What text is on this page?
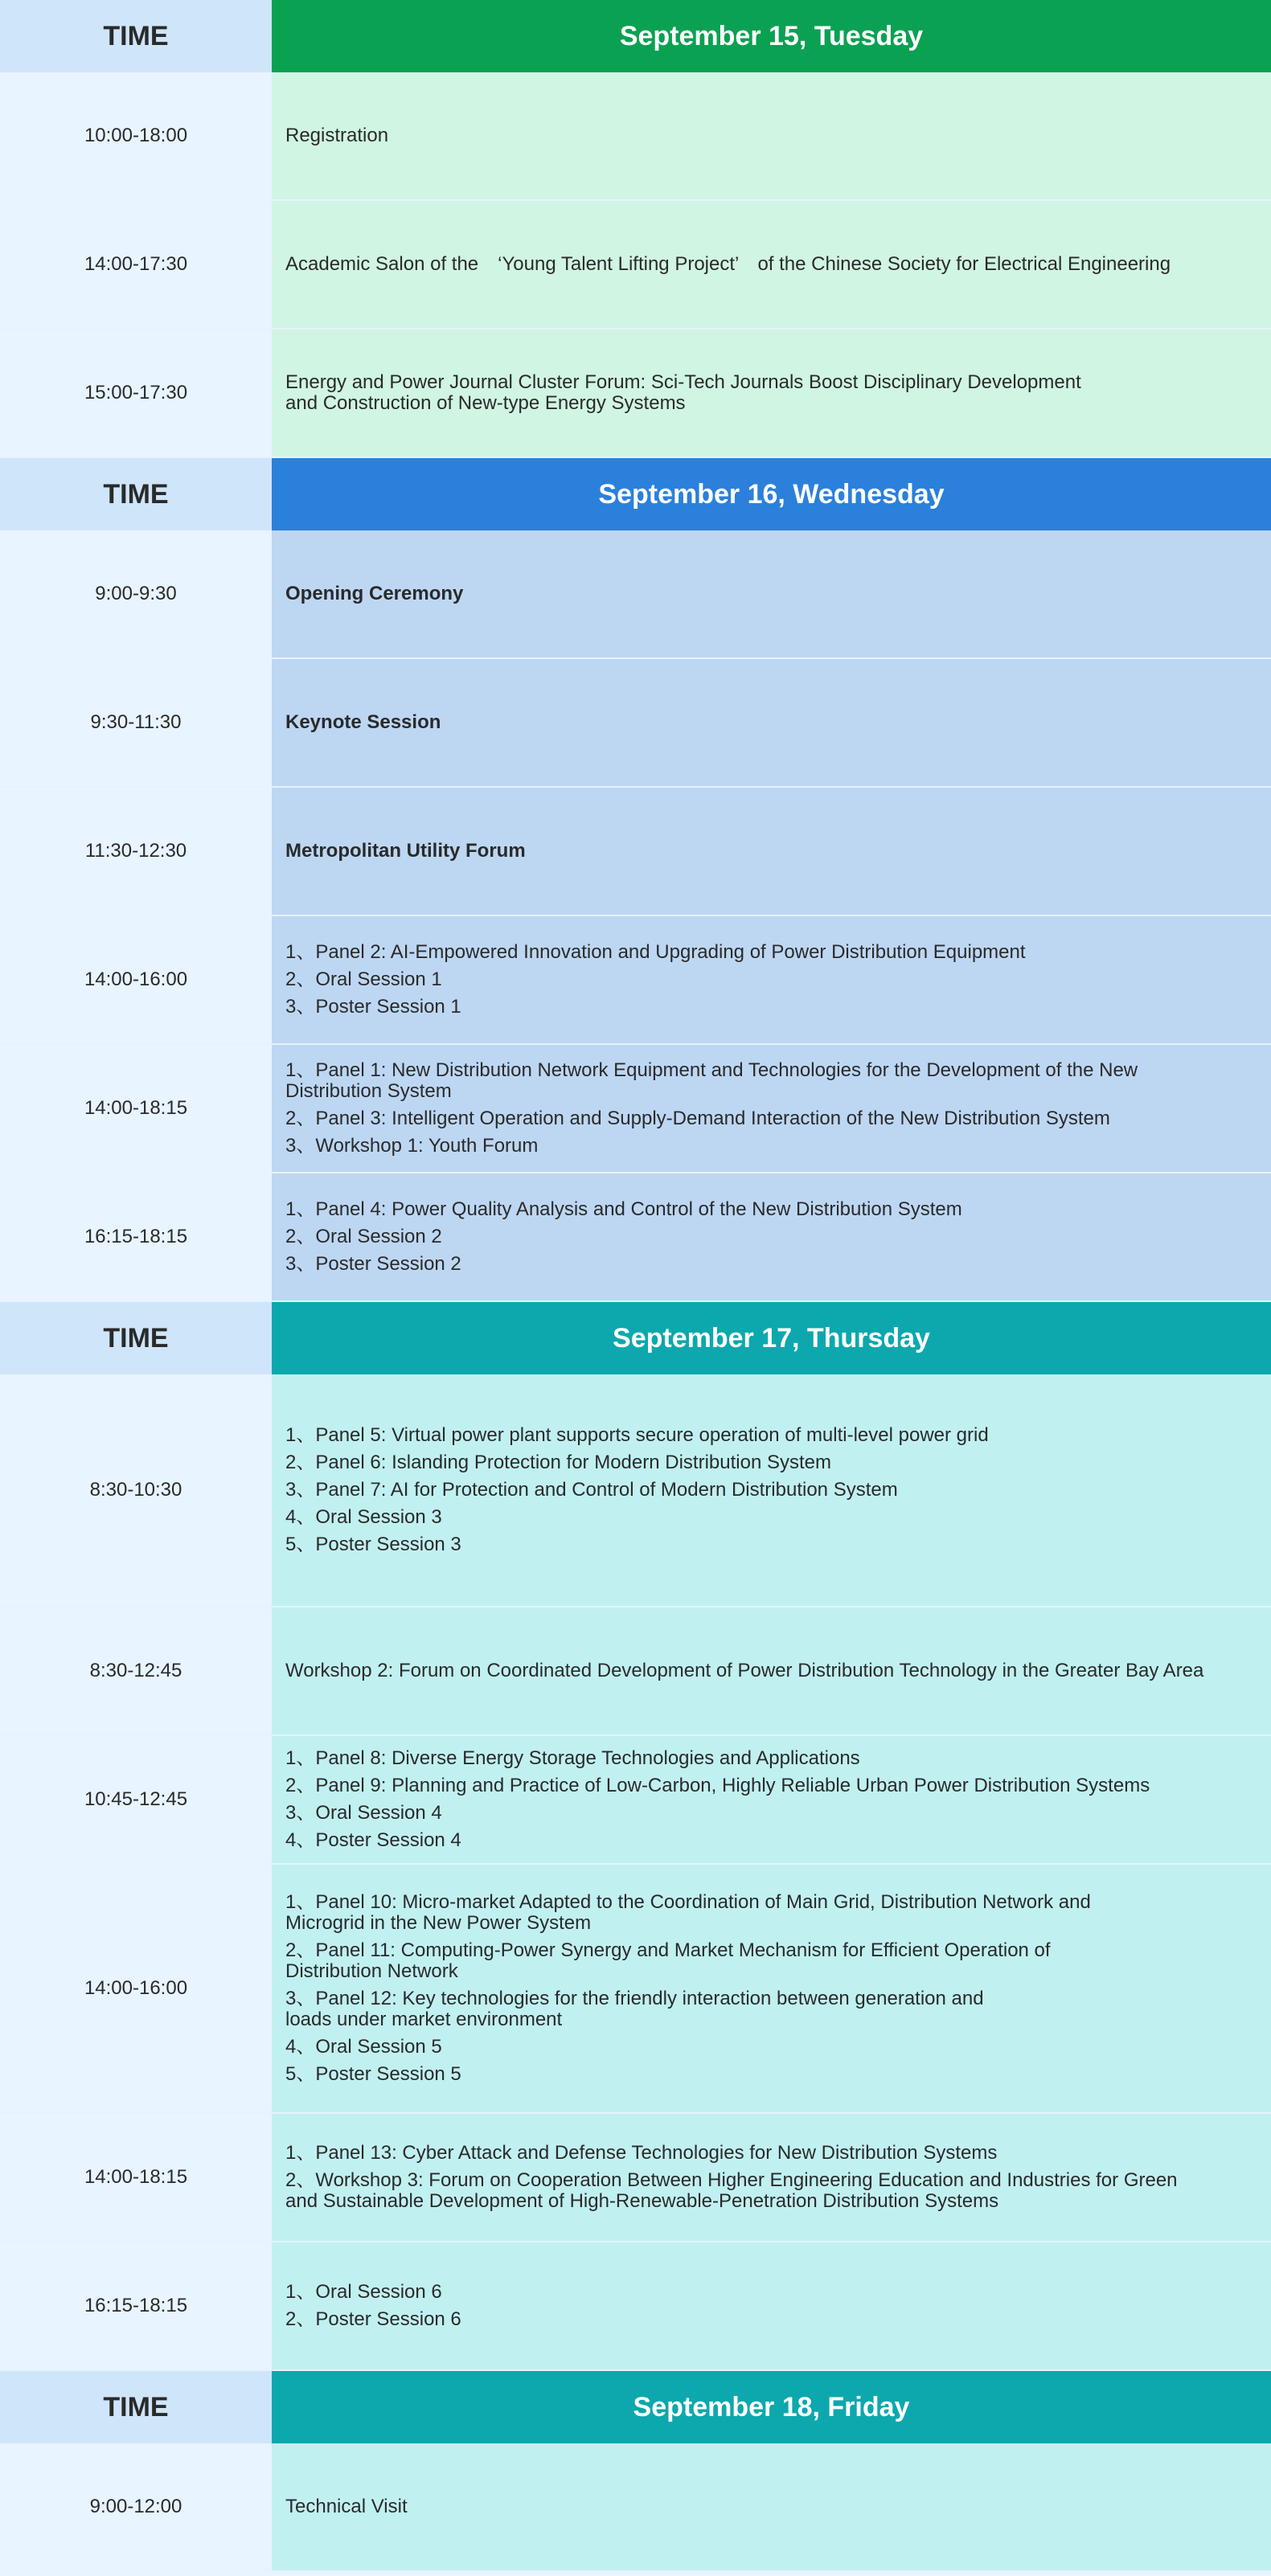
TIME	September 15, Tuesday
10:00-18:00	Registration
14:00-17:30	Academic Salon of the　‘Young Talent Lifting Project’　of the Chinese Society for Electrical Engineering
15:00-17:30	Energy and Power Journal Cluster Forum: Sci-Tech Journals Boost Disciplinary Development
and Construction of New-type Energy Systems
TIME	September 16, Wednesday
9:00-9:30	Opening Ceremony
9:30-11:30	Keynote Session
11:30-12:30	Metropolitan Utility Forum
14:00-16:00
1、Panel 2: AI-Empowered Innovation and Upgrading of Power Distribution Equipment
2、Oral Session 1
3、Poster Session 1
14:00-18:15
1、Panel 1: New Distribution Network Equipment and Technologies for the Development of the New
Distribution System
2、Panel 3: Intelligent Operation and Supply-Demand Interaction of the New Distribution System
3、Workshop 1: Youth Forum
16:15-18:15
1、Panel 4: Power Quality Analysis and Control of the New Distribution System
2、Oral Session 2
3、Poster Session 2
TIME	September 17, Thursday
8:30-10:30
1、Panel 5: Virtual power plant supports secure operation of multi-level power grid
2、Panel 6: Islanding Protection for Modern Distribution System
3、Panel 7: AI for Protection and Control of Modern Distribution System
4、Oral Session 3
5、Poster Session 3
8:30-12:45	Workshop 2: Forum on Coordinated Development of Power Distribution Technology in the Greater Bay Area
10:45-12:45
1、Panel 8: Diverse Energy Storage Technologies and Applications
2、Panel 9: Planning and Practice of Low-Carbon, Highly Reliable Urban Power Distribution Systems
3、Oral Session 4
4、Poster Session 4
14:00-16:00
1、Panel 10: Micro-market Adapted to the Coordination of Main Grid, Distribution Network and
Microgrid in the New Power System
2、Panel 11: Computing-Power Synergy and Market Mechanism for Efficient Operation of
Distribution Network
3、Panel 12: Key technologies for the friendly interaction between generation and
loads under market environment
4、Oral Session 5
5、Poster Session 5
14:00-18:15
1、Panel 13: Cyber Attack and Defense Technologies for New Distribution Systems
2、Workshop 3: Forum on Cooperation Between Higher Engineering Education and Industries for Green
and Sustainable Development of High-Renewable-Penetration Distribution Systems
16:15-18:15
1、Oral Session 6
2、Poster Session 6
TIME	September 18, Friday
9:00-12:00	Technical Visit
